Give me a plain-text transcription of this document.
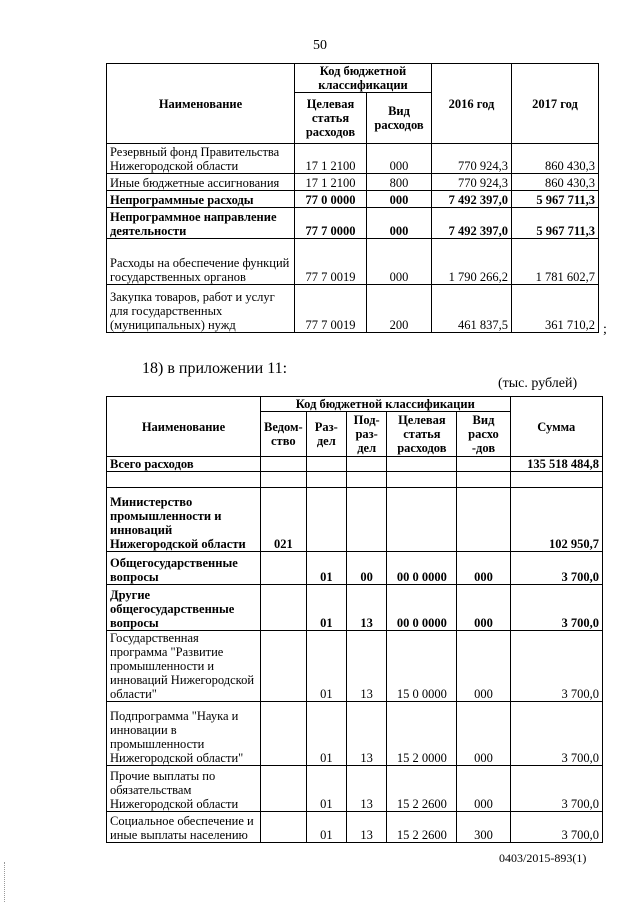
50
Наименование	Код бюджетной классификации		2016 год	2017 год
	Целевая статья расходов	Вид расходов		
Резервный фонд Правительства Нижегородской области	17 1 2100	000	770 924,3	860 430,3
Иные бюджетные ассигнования	17 1 2100	800	770 924,3	860 430,3
Непрограммные расходы	77 0 0000	000	7 492 397,0	5 967 711,3
Непрограммное направление деятельности	77 7 0000	000	7 492 397,0	5 967 711,3
Расходы на обеспечение функций государственных органов	77 7 0019	000	1 790 266,2	1 781 602,7
Закупка товаров, работ и услуг для государственных (муниципальных) нужд	77 7 0019	200	461 837,5	361 710,2 ;
18) в приложении 11:
(тыс. рублей)
Наименование	Код бюджетной классификации					Сумма
	Ведом-ство	Раз-дел	Под-раз-дел	Целевая статья расходов	Вид расхо -дов	
Всего расходов						135 518 484,8

Министерство промышленности и инноваций Нижегородской области	021					102 950,7
Общегосударственные вопросы		01	00	00 0 0000	000	3 700,0
Другие общегосударственные вопросы		01	13	00 0 0000	000	3 700,0
Государственная программа "Развитие промышленности и инноваций Нижегородской области"		01	13	15 0 0000	000	3 700,0
Подпрограмма "Наука и инновации в промышленности Нижегородской области"		01	13	15 2 0000	000	3 700,0
Прочие выплаты по обязательствам Нижегородской области		01	13	15 2 2600	000	3 700,0
Социальное обеспечение и иные выплаты населению		01	13	15 2 2600	300	3 700,0
0403/2015-893(1)
